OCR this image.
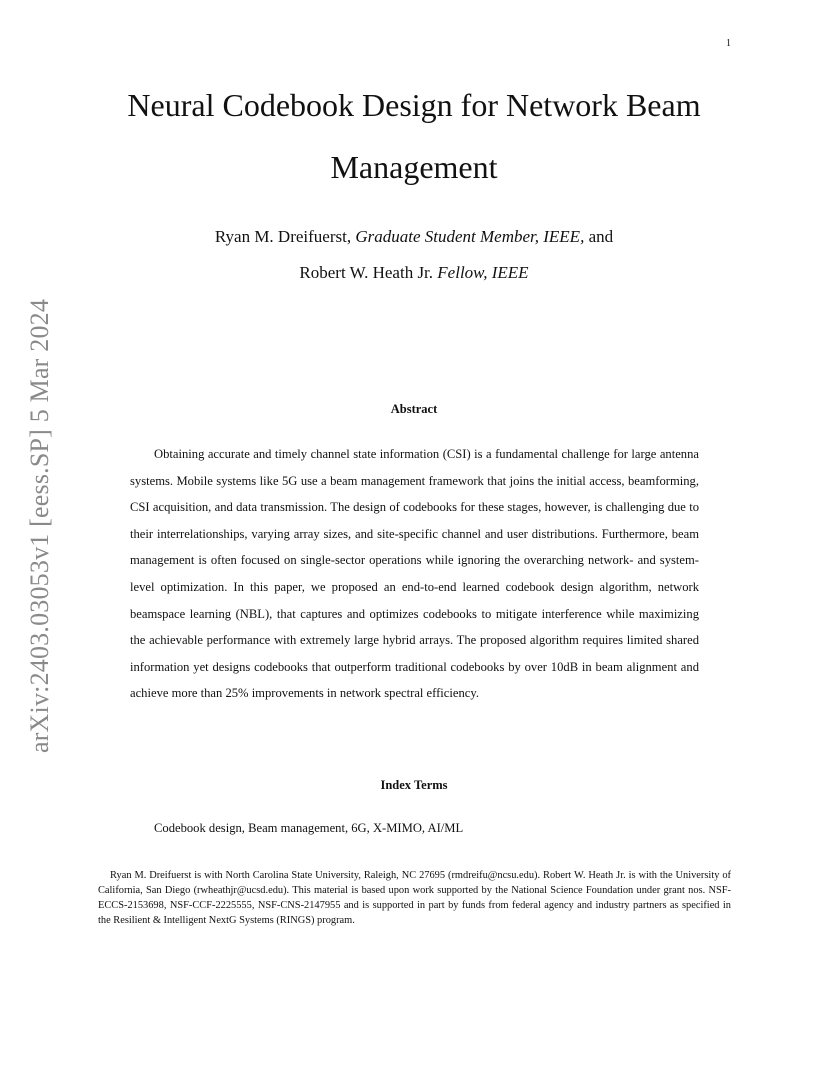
1
arXiv:2403.03053v1 [eess.SP] 5 Mar 2024
Neural Codebook Design for Network Beam Management
Ryan M. Dreifuerst, Graduate Student Member, IEEE, and
Robert W. Heath Jr. Fellow, IEEE
Abstract

Obtaining accurate and timely channel state information (CSI) is a fundamental challenge for large antenna systems. Mobile systems like 5G use a beam management framework that joins the initial access, beamforming, CSI acquisition, and data transmission. The design of codebooks for these stages, however, is challenging due to their interrelationships, varying array sizes, and site-specific channel and user distributions. Furthermore, beam management is often focused on single-sector operations while ignoring the overarching network- and system-level optimization. In this paper, we proposed an end-to-end learned codebook design algorithm, network beamspace learning (NBL), that captures and optimizes codebooks to mitigate interference while maximizing the achievable performance with extremely large hybrid arrays. The proposed algorithm requires limited shared information yet designs codebooks that outperform traditional codebooks by over 10dB in beam alignment and achieve more than 25% improvements in network spectral efficiency.

Index Terms
Codebook design, Beam management, 6G, X-MIMO, AI/ML

Ryan M. Dreifuerst is with North Carolina State University, Raleigh, NC 27695 (rmdreifu@ncsu.edu). Robert W. Heath Jr. is with the University of California, San Diego (rwheathjr@ucsd.edu). This material is based upon work supported by the National Science Foundation under grant nos. NSF-ECCS-2153698, NSF-CCF-2225555, NSF-CNS-2147955 and is supported in part by funds from federal agency and industry partners as specified in the Resilient & Intelligent NextG Systems (RINGS) program.
